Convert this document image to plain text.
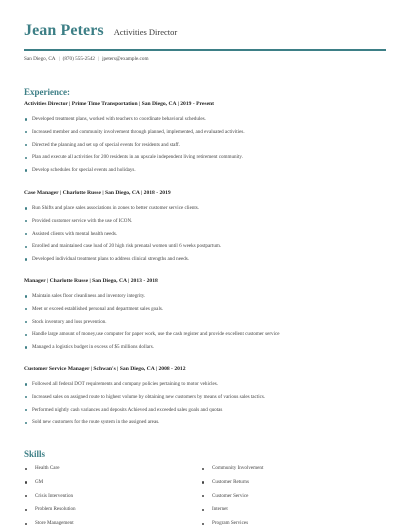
Jean Peters Activities Director
San Diego, CA | (870) 555-2542 | jpeters@example.com
Experience:
Activities Director | Prime Time Transportation | San Diego, CA | 2019 - Present
Developed treatment plans, worked with teachers to coordinate behavioral schedules.
Increased member and community involvement through planned, implemented, and evaluated activities.
Directed the planning and set up of special events for residents and staff.
Plan and execute all activities for 200 residents in an upscale independent living retirement community.
Develop schedules for special events and holidays.
Case Manager | Charlotte Russe | San Diego, CA | 2018 - 2019
Run Shifts and place sales associations in zones to better customer service clients.
Provided customer service with the use of ICON.
Assisted clients with mental health needs.
Enrolled and maintained case load of 20 high risk prenatal women until 6 weeks postpartum.
Developed individual treatment plans to address clinical strengths and needs.
Manager | Charlotte Russe | San Diego, CA | 2013 - 2018
Maintain sales floor cleanliness and inventory integrity.
Meet or exceed established personal and department sales goals.
Stock inventory and loss prevention.
Handle large amount of money,use computer for paper work, use the cash register and provide excellent customer service
Managed a logistics budget in excess of $5 millions dollars.
Customer Service Manager | Schwan's | San Diego, CA | 2008 - 2012
Followed all federal DOT requirements and company policies pertaining to motor vehicles.
Increased sales on assigned route to highest volume by obtaining new customers by means of various sales tactics.
Performed nightly cash variances and deposits Achieved and exceeded sales goals and quotas
Sold new customers for the route system in the assigned areas.
Skills
Health Care
GM
Crisis Intervention
Problem Resolution
Store Management
Community Involvement
Customer Returns
Customer Service
Internet
Program Services
